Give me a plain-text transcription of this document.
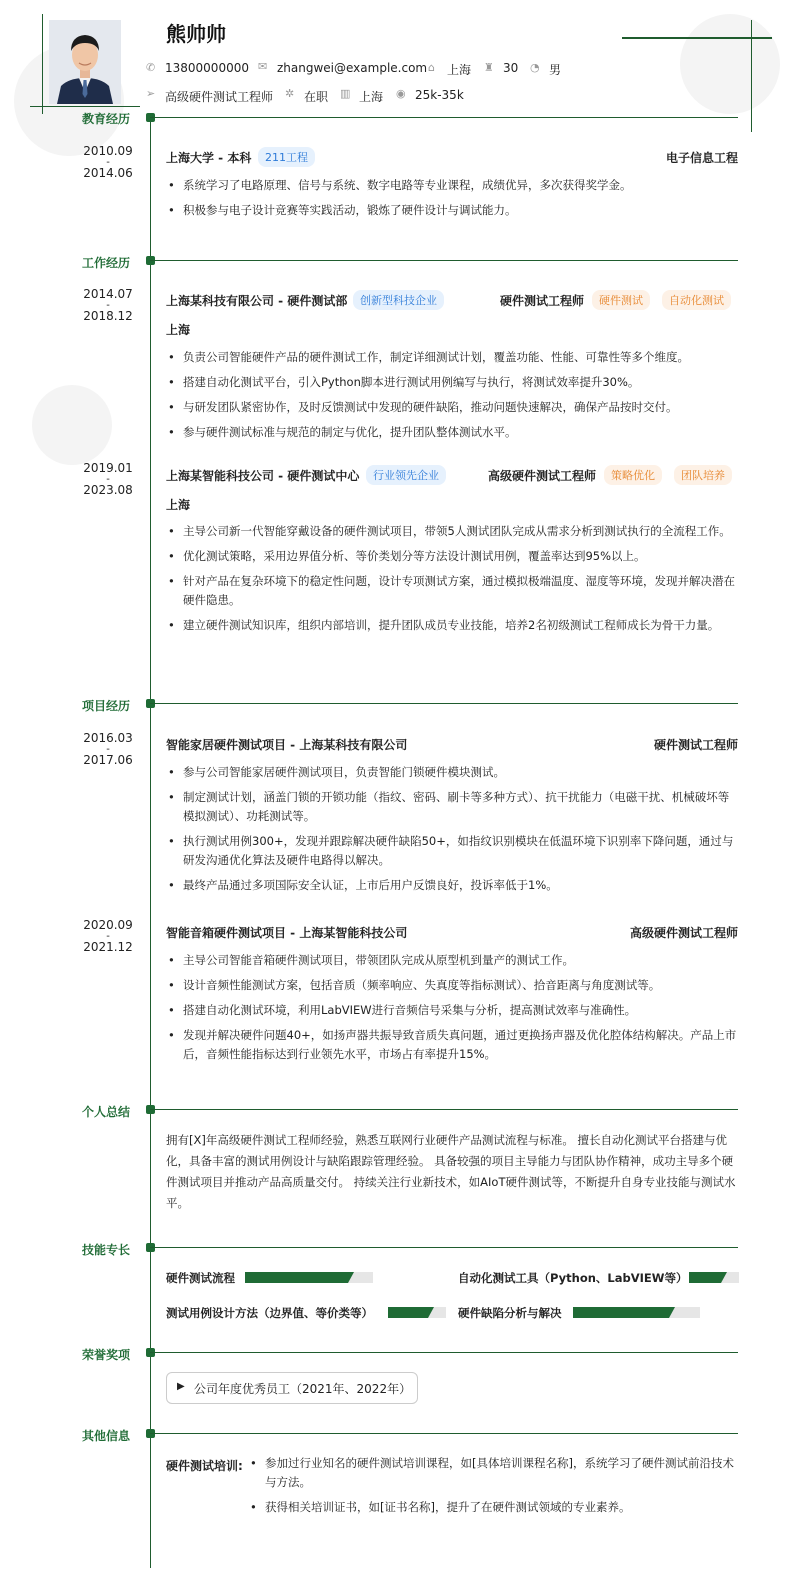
熊帅帅
✆ 13800000000 ✉ zhangwei@example.com ⌂ 上海 ♜ 30 ◔ 男
➢ 高级硬件测试工程师 ✲ 在职 ▥ 上海 ◉ 25k-35k
教育经历
2010.09
-
2014.06
上海大学 - 本科	211工程	电子信息工程
• 系统学习了电路原理、信号与系统、数字电路等专业课程，成绩优异，多次获得奖学金。
• 积极参与电子设计竞赛等实践活动，锻炼了硬件设计与调试能力。
工作经历
2014.07
-
2018.12
上海某科技有限公司 - 硬件测试部	创新型科技企业	硬件测试工程师	硬件测试	自动化测试
上海
• 负责公司智能硬件产品的硬件测试工作，制定详细测试计划，覆盖功能、性能、可靠性等多个维度。
• 搭建自动化测试平台，引入Python脚本进行测试用例编写与执行，将测试效率提升30%。
• 与研发团队紧密协作，及时反馈测试中发现的硬件缺陷，推动问题快速解决，确保产品按时交付。
• 参与硬件测试标准与规范的制定与优化，提升团队整体测试水平。
2019.01
-
2023.08
上海某智能科技公司 - 硬件测试中心	行业领先企业	高级硬件测试工程师	策略优化	团队培养
上海
• 主导公司新一代智能穿戴设备的硬件测试项目，带领5人测试团队完成从需求分析到测试执行的全流程工作。
• 优化测试策略，采用边界值分析、等价类划分等方法设计测试用例，覆盖率达到95%以上。
• 针对产品在复杂环境下的稳定性问题，设计专项测试方案，通过模拟极端温度、湿度等环境，发现并解决潜在硬件隐患。
• 建立硬件测试知识库，组织内部培训，提升团队成员专业技能，培养2名初级测试工程师成长为骨干力量。
项目经历
2016.03
-
2017.06
智能家居硬件测试项目 - 上海某科技有限公司	硬件测试工程师
• 参与公司智能家居硬件测试项目，负责智能门锁硬件模块测试。
• 制定测试计划，涵盖门锁的开锁功能（指纹、密码、刷卡等多种方式）、抗干扰能力（电磁干扰、机械破坏等模拟测试）、功耗测试等。
• 执行测试用例300+，发现并跟踪解决硬件缺陷50+，如指纹识别模块在低温环境下识别率下降问题，通过与研发沟通优化算法及硬件电路得以解决。
• 最终产品通过多项国际安全认证，上市后用户反馈良好，投诉率低于1%。
2020.09
-
2021.12
智能音箱硬件测试项目 - 上海某智能科技公司	高级硬件测试工程师
• 主导公司智能音箱硬件测试项目，带领团队完成从原型机到量产的测试工作。
• 设计音频性能测试方案，包括音质（频率响应、失真度等指标测试）、拾音距离与角度测试等。
• 搭建自动化测试环境，利用LabVIEW进行音频信号采集与分析，提高测试效率与准确性。
• 发现并解决硬件问题40+，如扬声器共振导致音质失真问题，通过更换扬声器及优化腔体结构解决。产品上市后，音频性能指标达到行业领先水平，市场占有率提升15%。
个人总结
拥有[X]年高级硬件测试工程师经验，熟悉互联网行业硬件产品测试流程与标准。 擅长自动化测试平台搭建与优化，具备丰富的测试用例设计与缺陷跟踪管理经验。 具备较强的项目主导能力与团队协作精神，成功主导多个硬件测试项目并推动产品高质量交付。 持续关注行业新技术，如AIoT硬件测试等，不断提升自身专业技能与测试水平。
技能专长
硬件测试流程	自动化测试工具（Python、LabVIEW等）
测试用例设计方法（边界值、等价类等）	硬件缺陷分析与解决
荣誉奖项
▶ 公司年度优秀员工（2021年、2022年）
其他信息
硬件测试培训:
•	参加过行业知名的硬件测试培训课程，如[具体培训课程名称]，系统学习了硬件测试前沿技术与方法。
• 获得相关培训证书，如[证书名称]，提升了在硬件测试领域的专业素养。
